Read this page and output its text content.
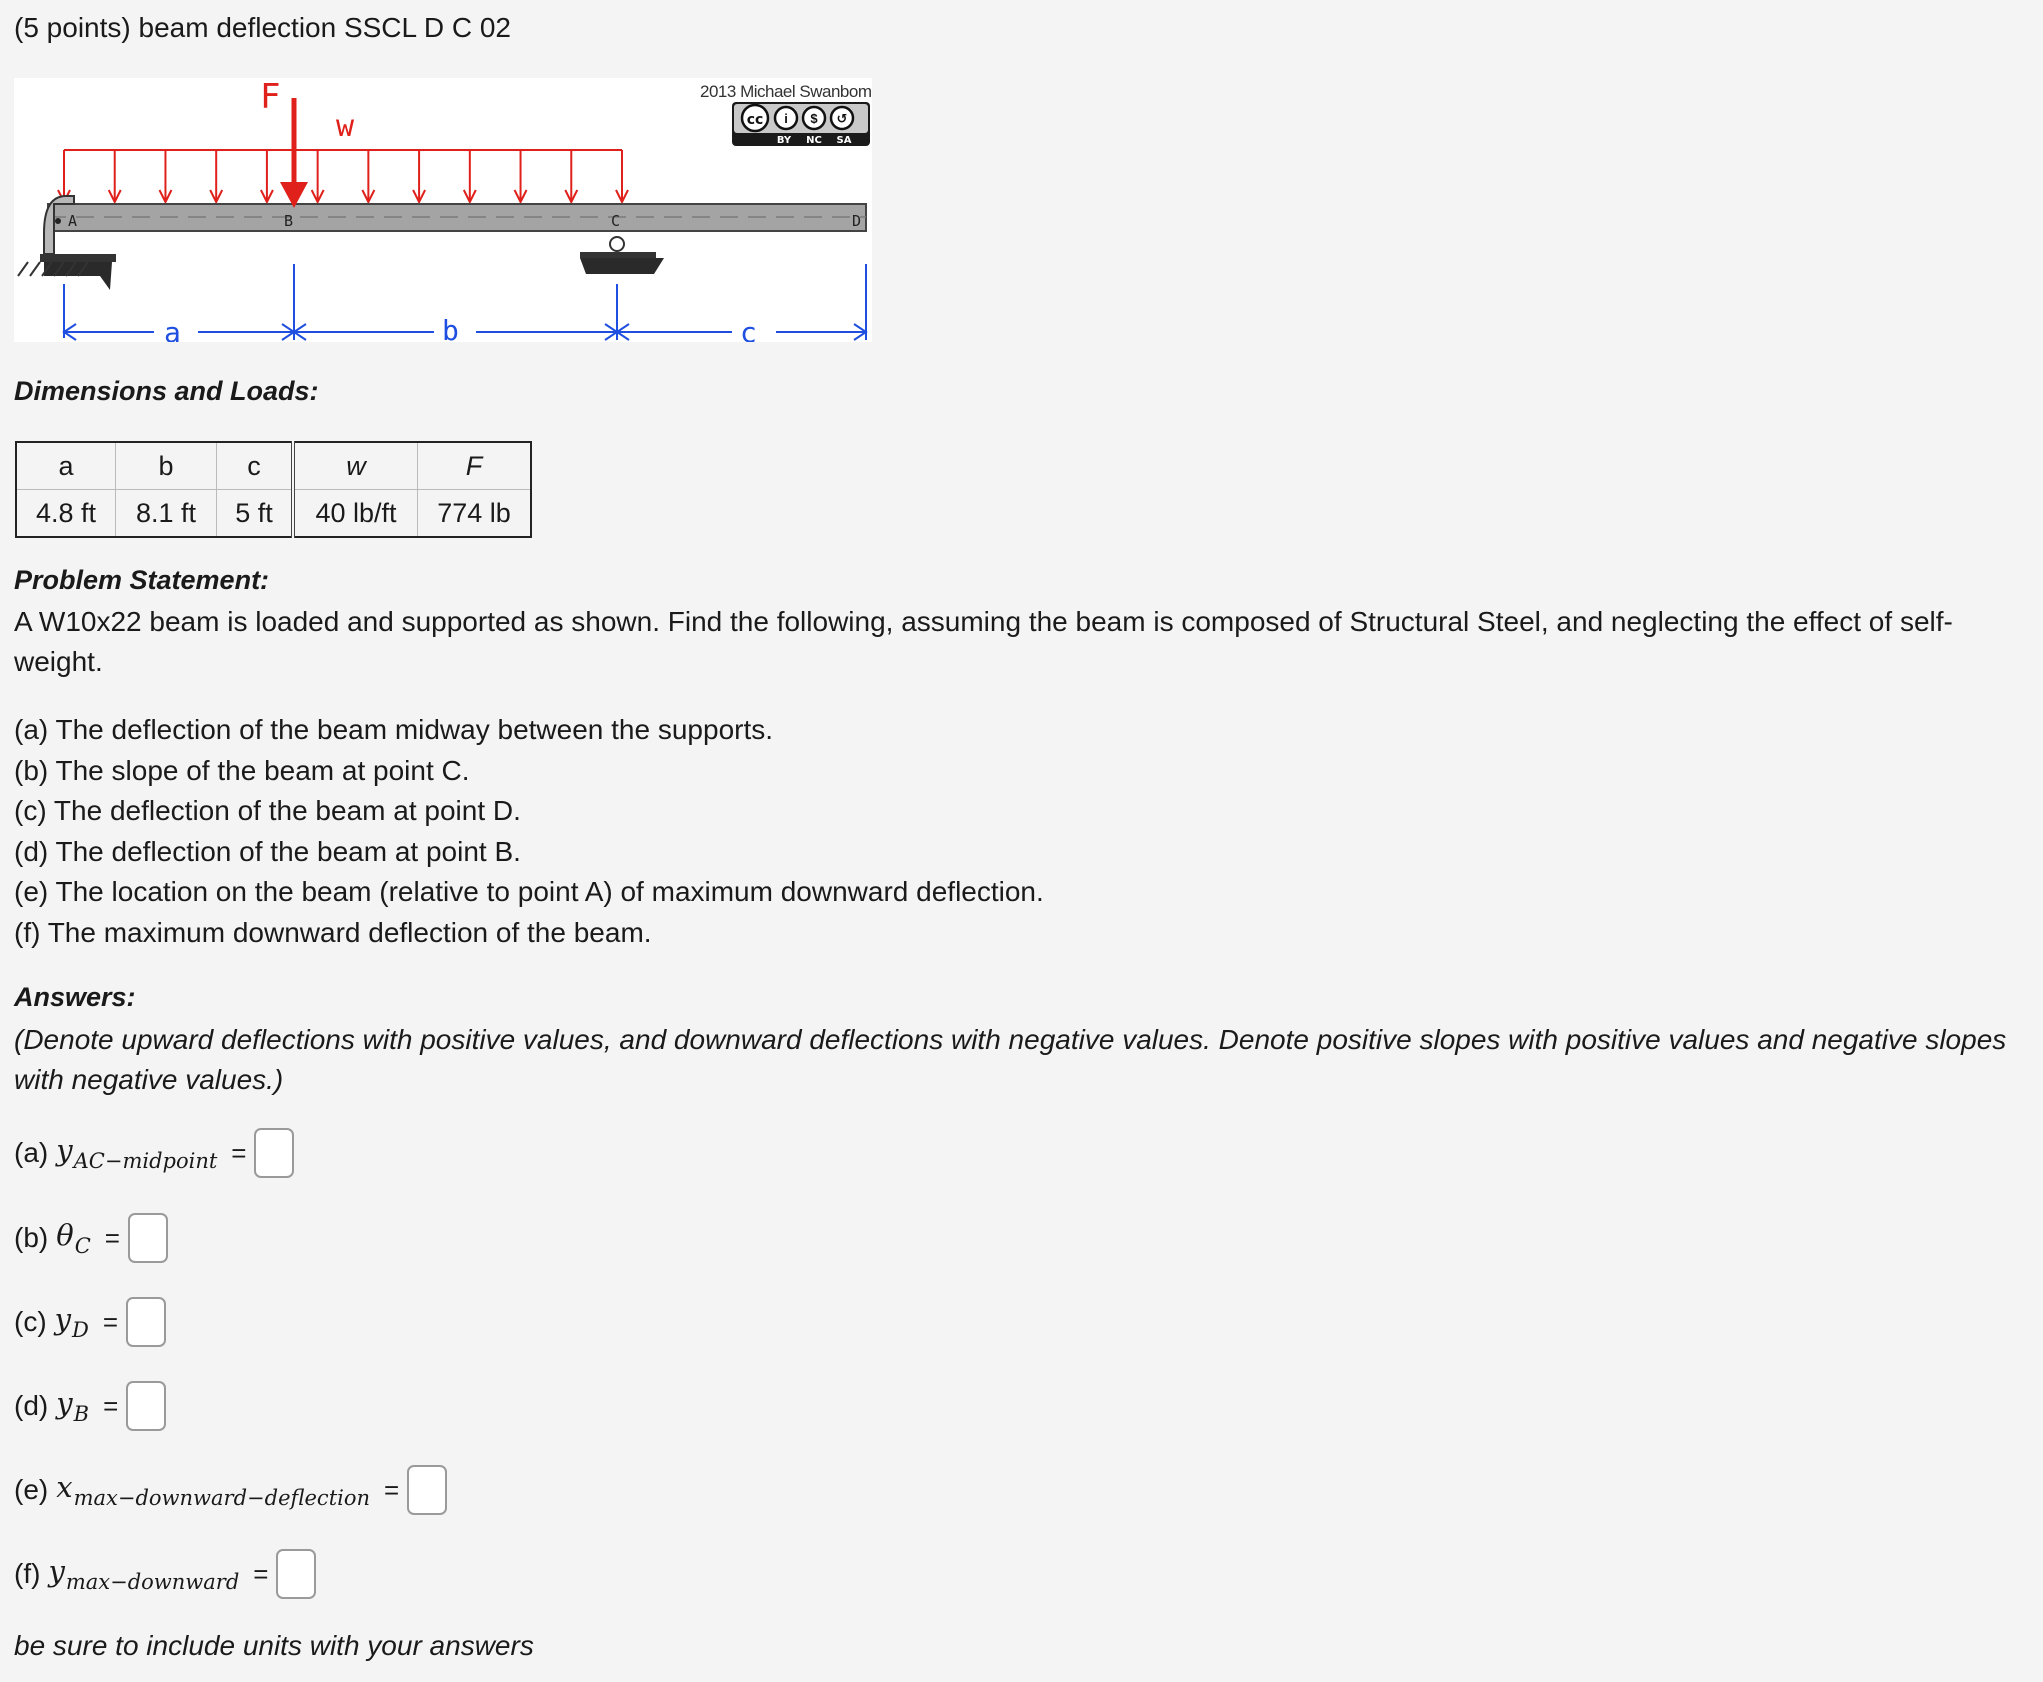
(5 points) beam deflection SSCL D C 02
A	B	C	D
F
w
a	b	c
2013 Michael Swanbom
cc i $ ↺
BY NC SA
Dimensions and Loads:
a	b	c	w	F
4.8 ft	8.1 ft	5 ft	40 lb/ft	774 lb
Problem Statement:
A W10x22 beam is loaded and supported as shown. Find the following, assuming the beam is composed of Structural Steel, and neglecting the effect of self-weight.
(a) The deflection of the beam midway between the supports.
(b) The slope of the beam at point C.
(c) The deflection of the beam at point D.
(d) The deflection of the beam at point B.
(e) The location on the beam (relative to point A) of maximum downward deflection.
(f) The maximum downward deflection of the beam.
Answers:
(Denote upward deflections with positive values, and downward deflections with negative values. Denote positive slopes with positive values and negative slopes with negative values.)
(a) $y_{AC-midpoint}$ =
(b) $\theta_C$ =
(c) $y_D$ =
(d) $y_B$ =
(e) $x_{max-downward-deflection}$ =
(f) $y_{max-downward}$ =
be sure to include units with your answers
